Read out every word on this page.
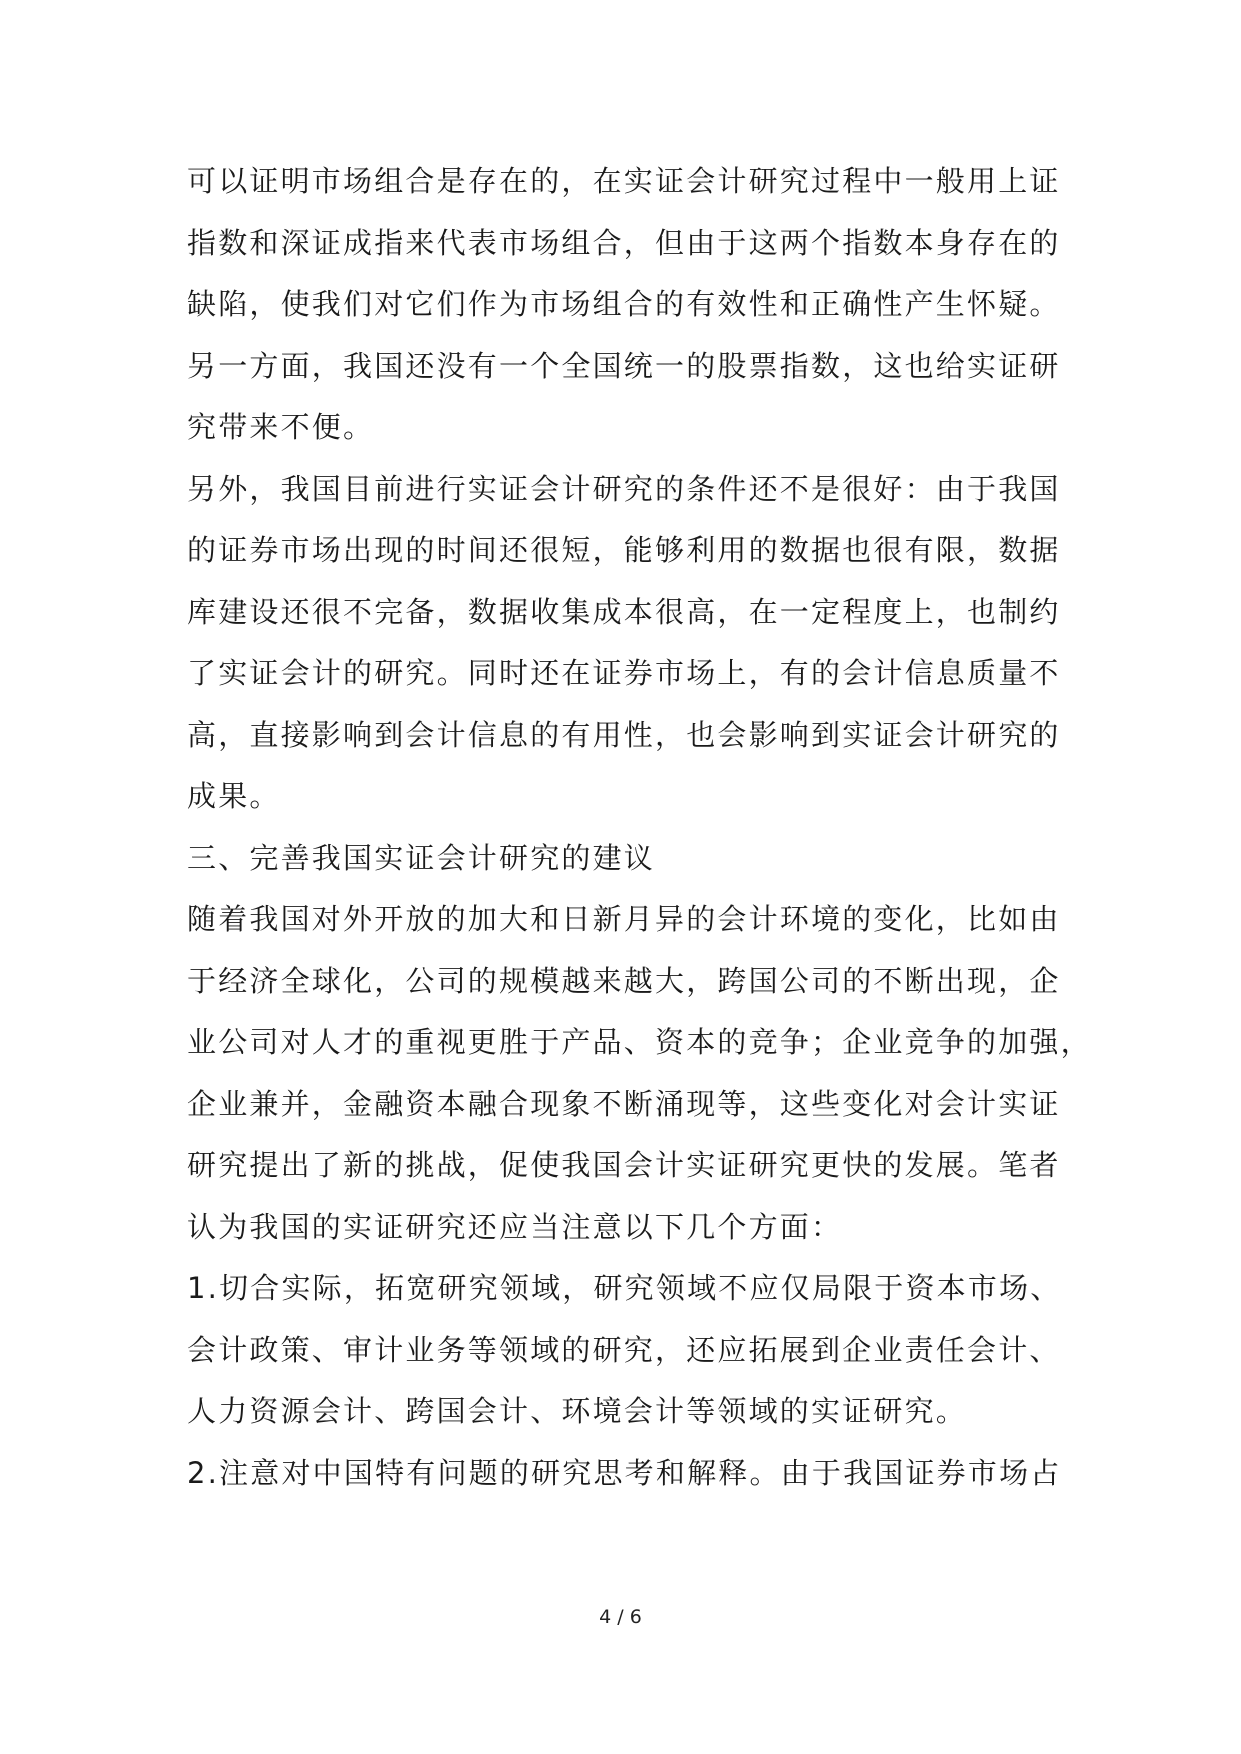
可以证明市场组合是存在的，在实证会计研究过程中一般用上证
指数和深证成指来代表市场组合，但由于这两个指数本身存在的
缺陷，使我们对它们作为市场组合的有效性和正确性产生怀疑。
另一方面，我国还没有一个全国统一的股票指数，这也给实证研
究带来不便。
另外，我国目前进行实证会计研究的条件还不是很好：由于我国
的证券市场出现的时间还很短，能够利用的数据也很有限，数据
库建设还很不完备，数据收集成本很高，在一定程度上，也制约
了实证会计的研究。同时还在证券市场上，有的会计信息质量不
高，直接影响到会计信息的有用性，也会影响到实证会计研究的
成果。
三、完善我国实证会计研究的建议
随着我国对外开放的加大和日新月异的会计环境的变化，比如由
于经济全球化，公司的规模越来越大，跨国公司的不断出现，企
业公司对人才的重视更胜于产品、资本的竞争；企业竞争的加强，
企业兼并，金融资本融合现象不断涌现等，这些变化对会计实证
研究提出了新的挑战，促使我国会计实证研究更快的发展。笔者
认为我国的实证研究还应当注意以下几个方面：
1.切合实际，拓宽研究领域，研究领域不应仅局限于资本市场、
会计政策、审计业务等领域的研究，还应拓展到企业责任会计、
人力资源会计、跨国会计、环境会计等领域的实证研究。
2.注意对中国特有问题的研究思考和解释。由于我国证券市场占
4 / 6
